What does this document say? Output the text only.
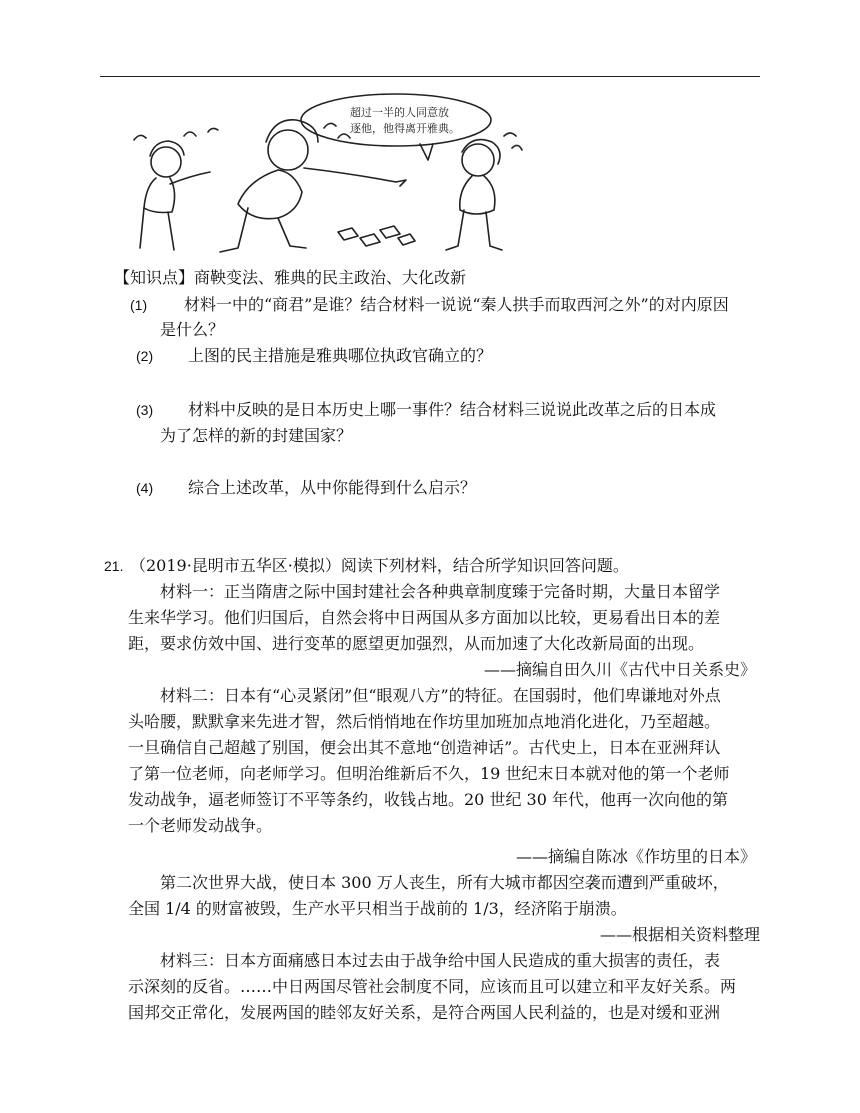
超过一半的人同意放
逐他，他得离开雅典。
【知识点】商鞅变法、雅典的民主政治、大化改新
(1) 材料一中的“商君”是谁？结合材料一说说“秦人拱手而取西河之外”的对内原因
是什么？
(2) 上图的民主措施是雅典哪位执政官确立的？
(3) 材料中反映的是日本历史上哪一事件？结合材料三说说此改革之后的日本成
为了怎样的新的封建国家？
(4) 综合上述改革，从中你能得到什么启示？
21. （2019·昆明市五华区·模拟）阅读下列材料，结合所学知识回答问题。
材料一：正当隋唐之际中国封建社会各种典章制度臻于完备时期，大量日本留学
生来华学习。他们归国后，自然会将中日两国从多方面加以比较，更易看出日本的差
距，要求仿效中国、进行变革的愿望更加强烈，从而加速了大化改新局面的出现。
——摘编自田久川《古代中日关系史》
材料二：日本有“心灵紧闭”但“眼观八方”的特征。在国弱时，他们卑谦地对外点
头哈腰，默默拿来先进才智，然后悄悄地在作坊里加班加点地消化进化，乃至超越。
一旦确信自己超越了别国，便会出其不意地“创造神话”。古代史上，日本在亚洲拜认
了第一位老师，向老师学习。但明治维新后不久，19 世纪末日本就对他的第一个老师
发动战争，逼老师签订不平等条约，收钱占地。20 世纪 30 年代，他再一次向他的第
一个老师发动战争。
——摘编自陈冰《作坊里的日本》
第二次世界大战，使日本 300 万人丧生，所有大城市都因空袭而遭到严重破坏，
全国 1/4 的财富被毁，生产水平只相当于战前的 1/3，经济陷于崩溃。
——根据相关资料整理
材料三：日本方面痛感日本过去由于战争给中国人民造成的重大损害的责任，表
示深刻的反省。……中日两国尽管社会制度不同，应该而且可以建立和平友好关系。两
国邦交正常化，发展两国的睦邻友好关系，是符合两国人民利益的，也是对缓和亚洲
